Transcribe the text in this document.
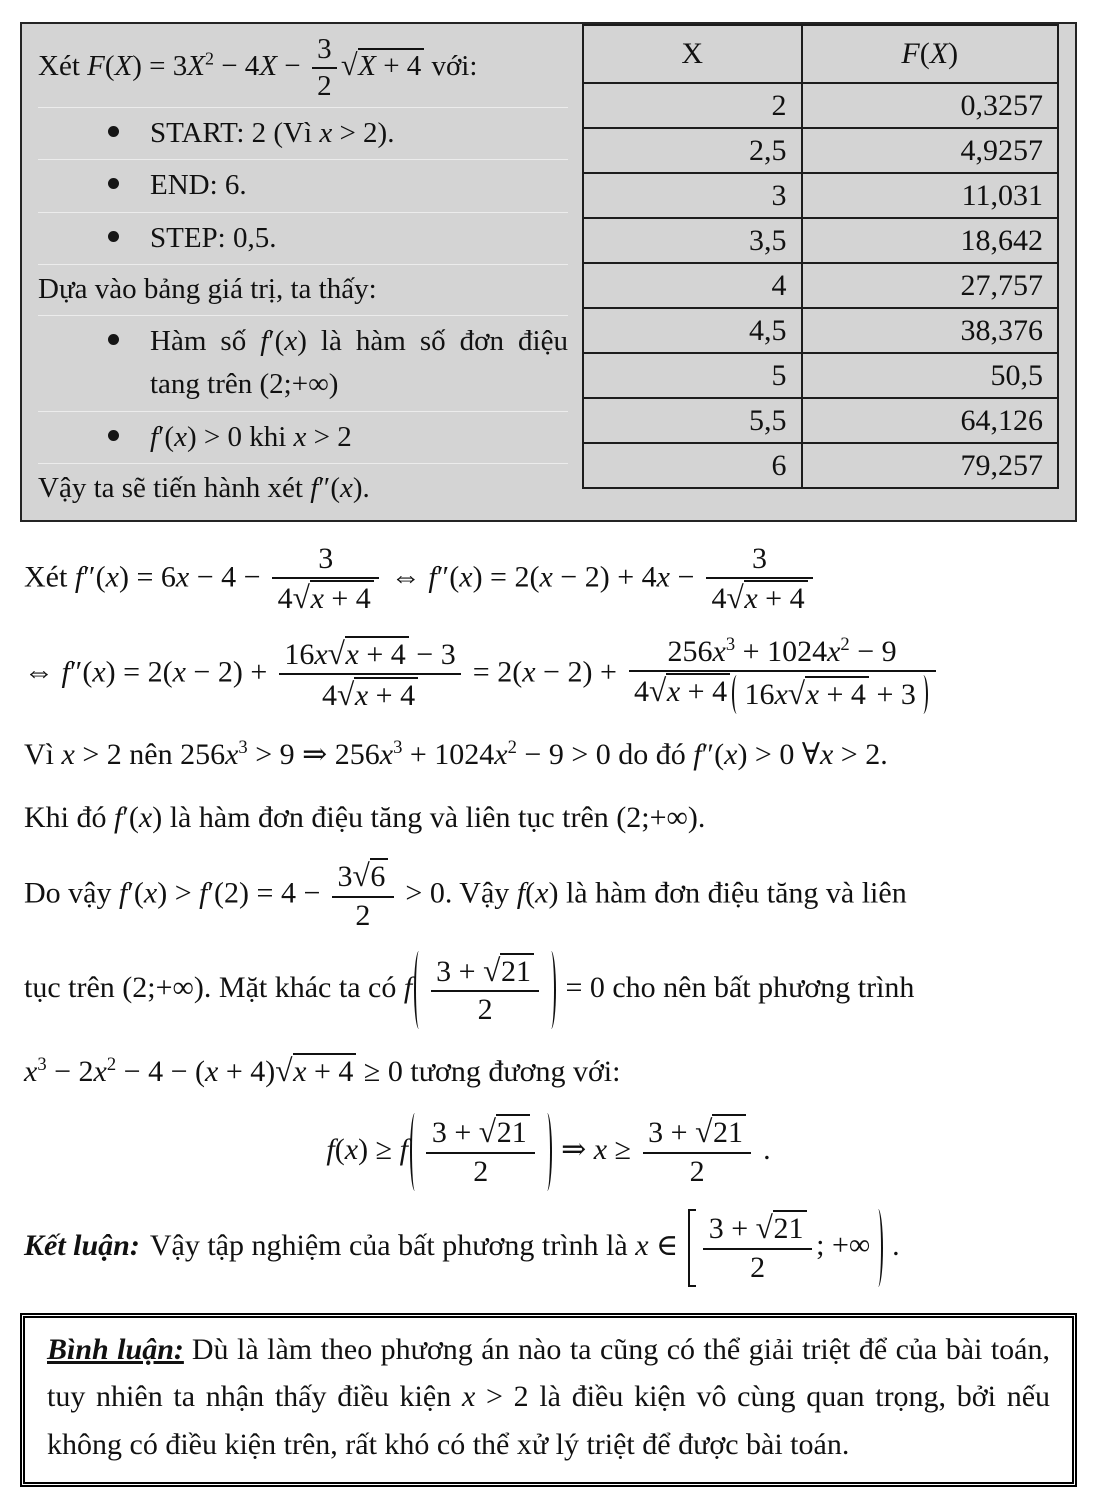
Xét $F(X) = 3X^2 - 4X - \frac{3}{2} √X + 4$ với:
START: 2 (Vì x > 2).
END: 6.
STEP: 0,5.
Dựa vào bảng giá trị, ta thấy:
Hàm số f′(x) là hàm số đơn điệu tang trên (2;+∞)
f′(x) > 0 khi x > 2
Vậy ta sẽ tiến hành xét f″(x).
X	F(X)
2	0,3257
2,5	4,9257
3	11,031
3,5	18,642
4	27,757
4,5	38,376
5	50,5
5,5	64,126
6	79,257

Xét $f''(x) = 6x - 4 - \frac{3}{4√x + 4}$ ⇔ $f''(x) = 2(x - 2) + 4x - \frac{3}{4√x + 4}$

⇔ $f''(x) = 2(x - 2) + \frac{16x√x + 4 - 3}{4√x + 4} = 2(x - 2) + \frac{256x^3 + 1024x^2 - 9}{4√x + 4 16x√x + 4 + 3}$

Vì x > 2 nên $256x^3 > 9$ ⇒ $256x^3 + 1024x^2 - 9 > 0$ do đó f″(x) > 0 ∀x > 2.

Khi đó f′(x) là hàm đơn điệu tăng và liên tục trên (2;+∞).

Do vậy $f'(x) > f'(2) = 4 - \frac{3√6}{2} > 0$. Vậy f(x) là hàm đơn điệu tăng và liên

tục trên (2;+∞). Mặt khác ta có f $\frac{3 + √21}{2} = 0$ cho nên bất phương trình

$x^3 - 2x^2 - 4 - (x + 4)√x + 4 \ge 0$ tương đương với:

f(x) ≥ f $\frac{3 + √21}{2}$ ⇒ $x \ge \frac{3 + √21}{2}$ .

Kết luận: Vậy tập nghiệm của bất phương trình là x ∈ $\frac{3 + √21}{2}$ ; +∞ .

Bình luận: Dù là làm theo phương án nào ta cũng có thể giải triệt để của bài toán, tuy nhiên ta nhận thấy điều kiện x > 2 là điều kiện vô cùng quan trọng, bởi nếu không có điều kiện trên, rất khó có thể xử lý triệt để được bài toán.
